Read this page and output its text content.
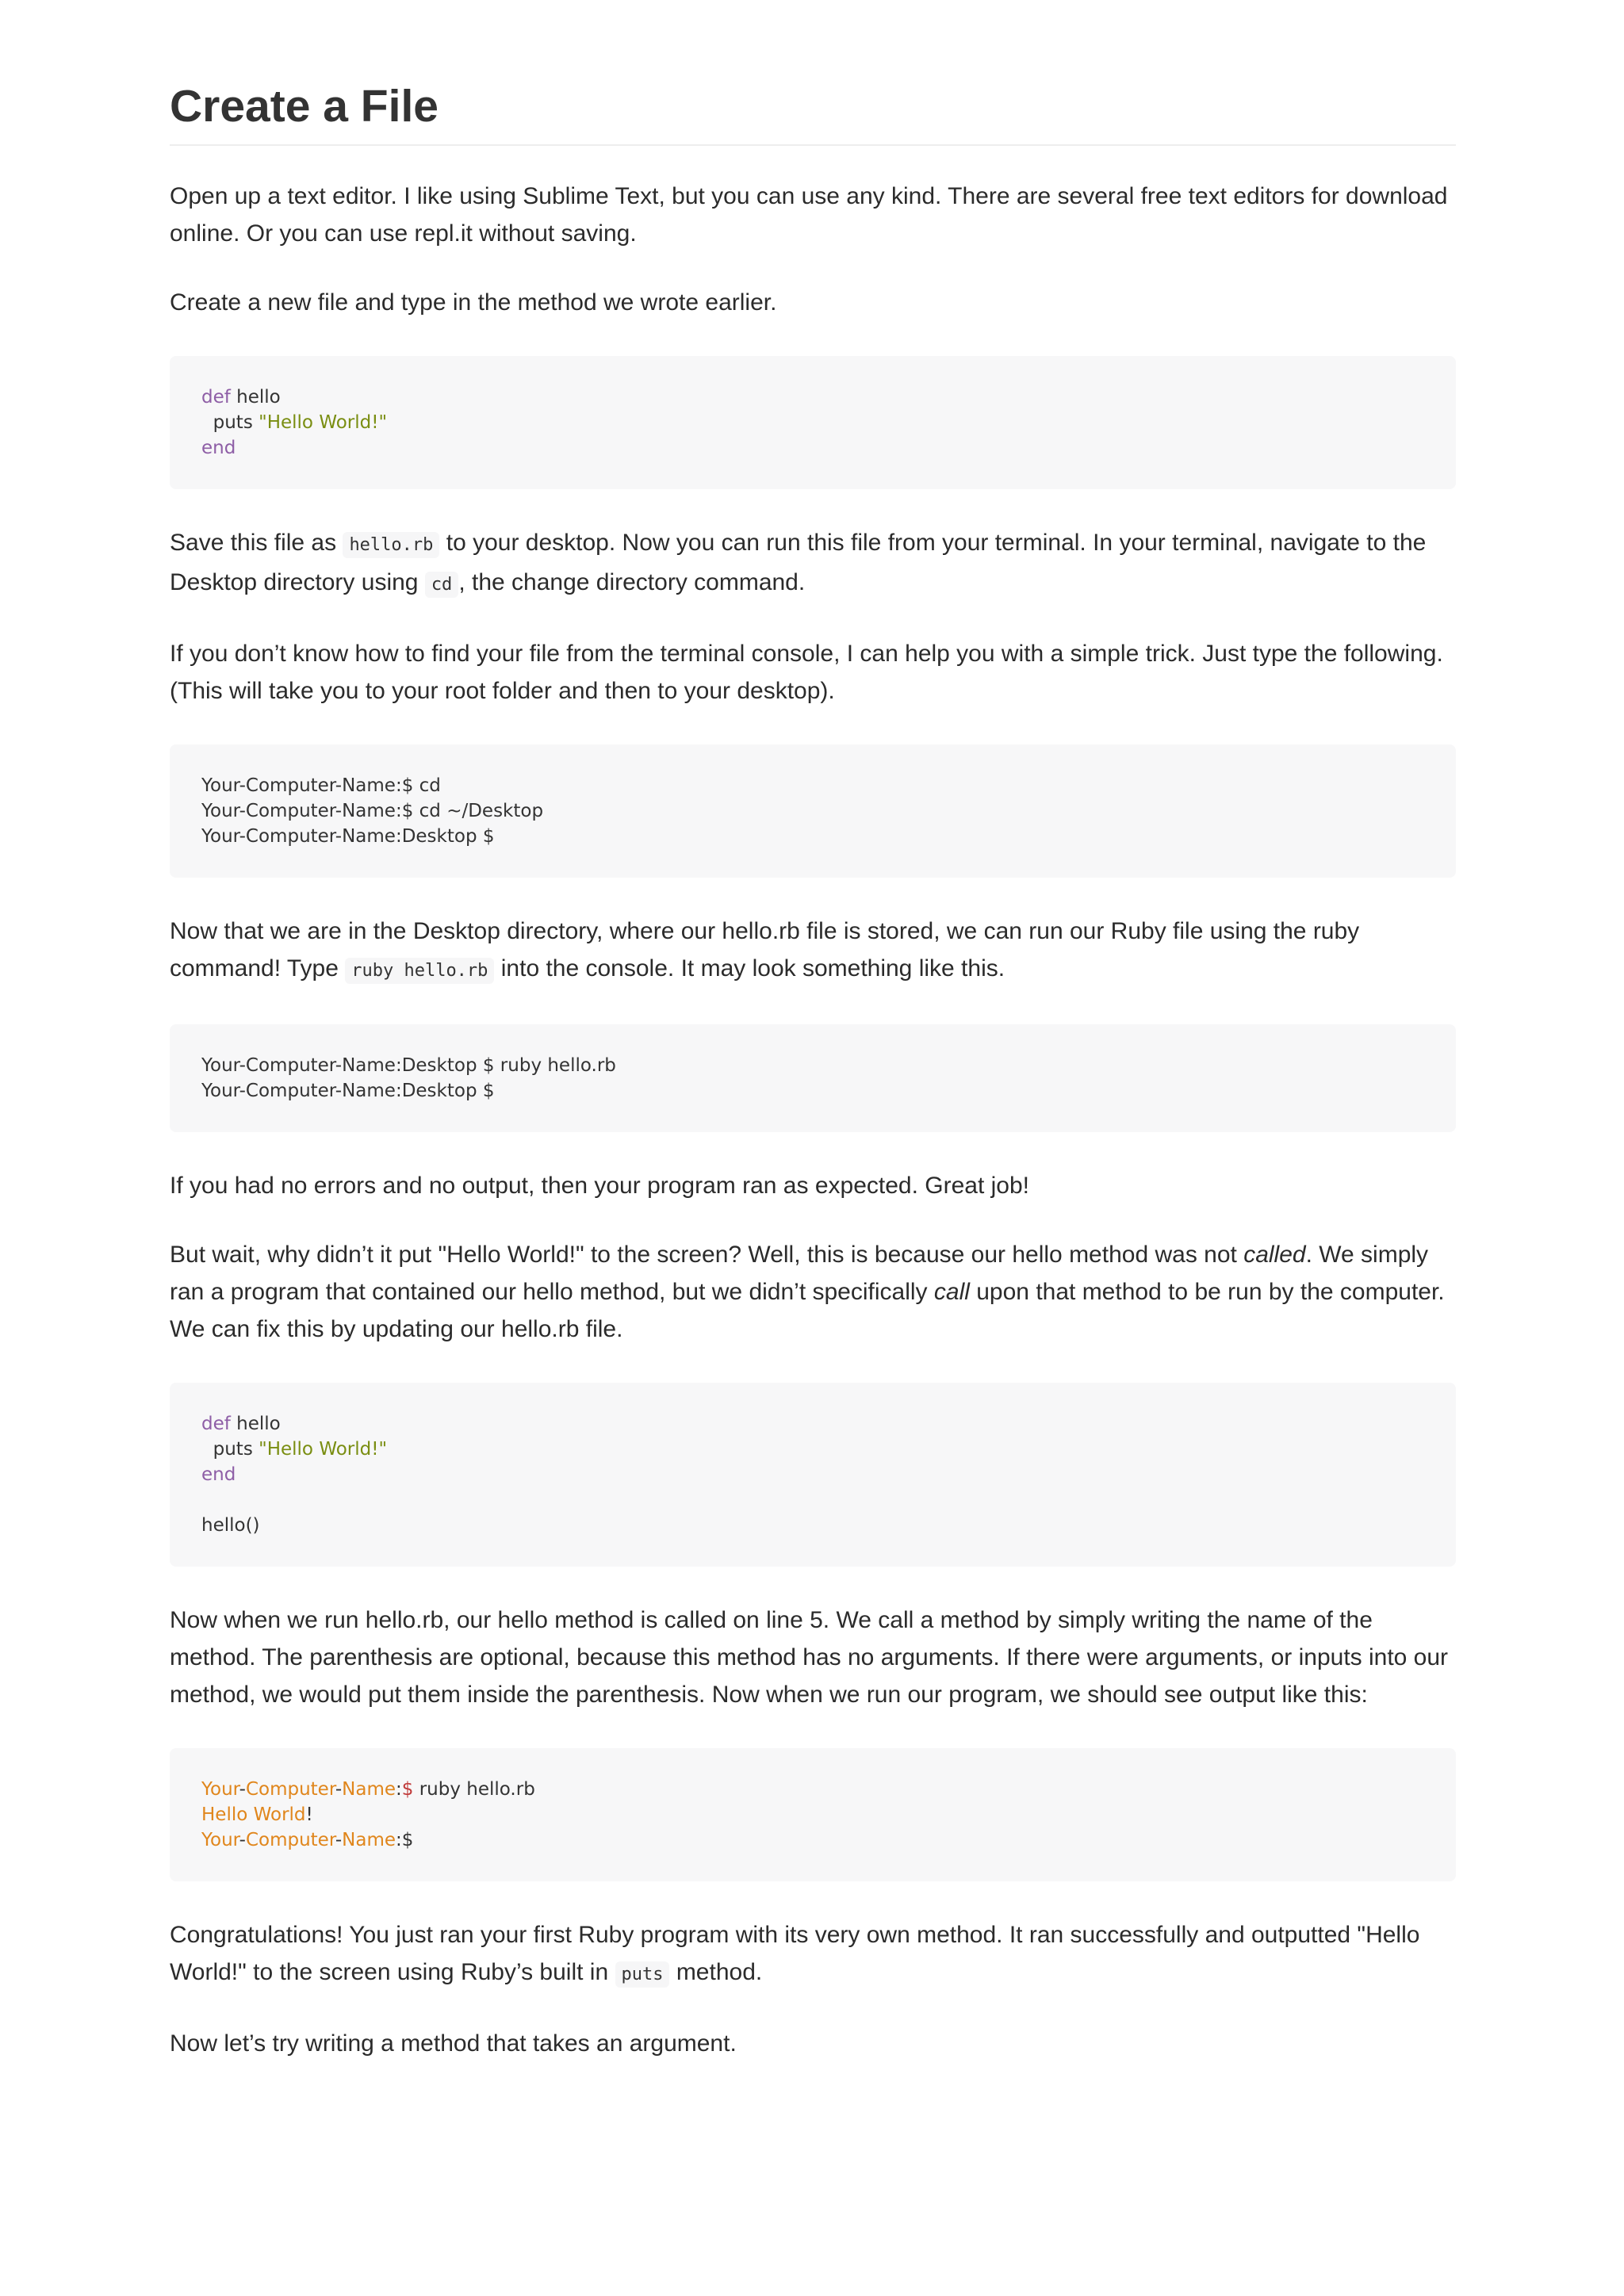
Create a File

Open up a text editor. I like using Sublime Text, but you can use any kind. There are several free text editors for download online. Or you can use repl.it without saving.

Create a new file and type in the method we wrote earlier.

def hello
puts "Hello World!"
end

Save this file as hello.rb to your desktop. Now you can run this file from your terminal. In your terminal, navigate to the Desktop directory using cd , the change directory command.

If you don’t know how to find your file from the terminal console, I can help you with a simple trick. Just type the following. (This will take you to your root folder and then to your desktop).

Your-Computer-Name:$ cd
Your-Computer-Name:$ cd ~/Desktop
Your-Computer-Name:Desktop $

Now that we are in the Desktop directory, where our hello.rb file is stored, we can run our Ruby file using the ruby command! Type ruby hello.rb into the console. It may look something like this.

Your-Computer-Name:Desktop $ ruby hello.rb
Your-Computer-Name:Desktop $

If you had no errors and no output, then your program ran as expected. Great job!

But wait, why didn’t it put "Hello World!" to the screen? Well, this is because our hello method was not called. We simply ran a program that contained our hello method, but we didn’t specifically call upon that method to be run by the computer. We can fix this by updating our hello.rb file.

def hello
puts "Hello World!"
end
hello()

Now when we run hello.rb, our hello method is called on line 5. We call a method by simply writing the name of the method. The parenthesis are optional, because this method has no arguments. If there were arguments, or inputs into our method, we would put them inside the parenthesis. Now when we run our program, we should see output like this:

Your-Computer-Name:$ ruby hello.rb
Hello World!
Your-Computer-Name:$

Congratulations! You just ran your first Ruby program with its very own method. It ran successfully and outputted "Hello World!" to the screen using Ruby’s built in puts method.

Now let’s try writing a method that takes an argument.
